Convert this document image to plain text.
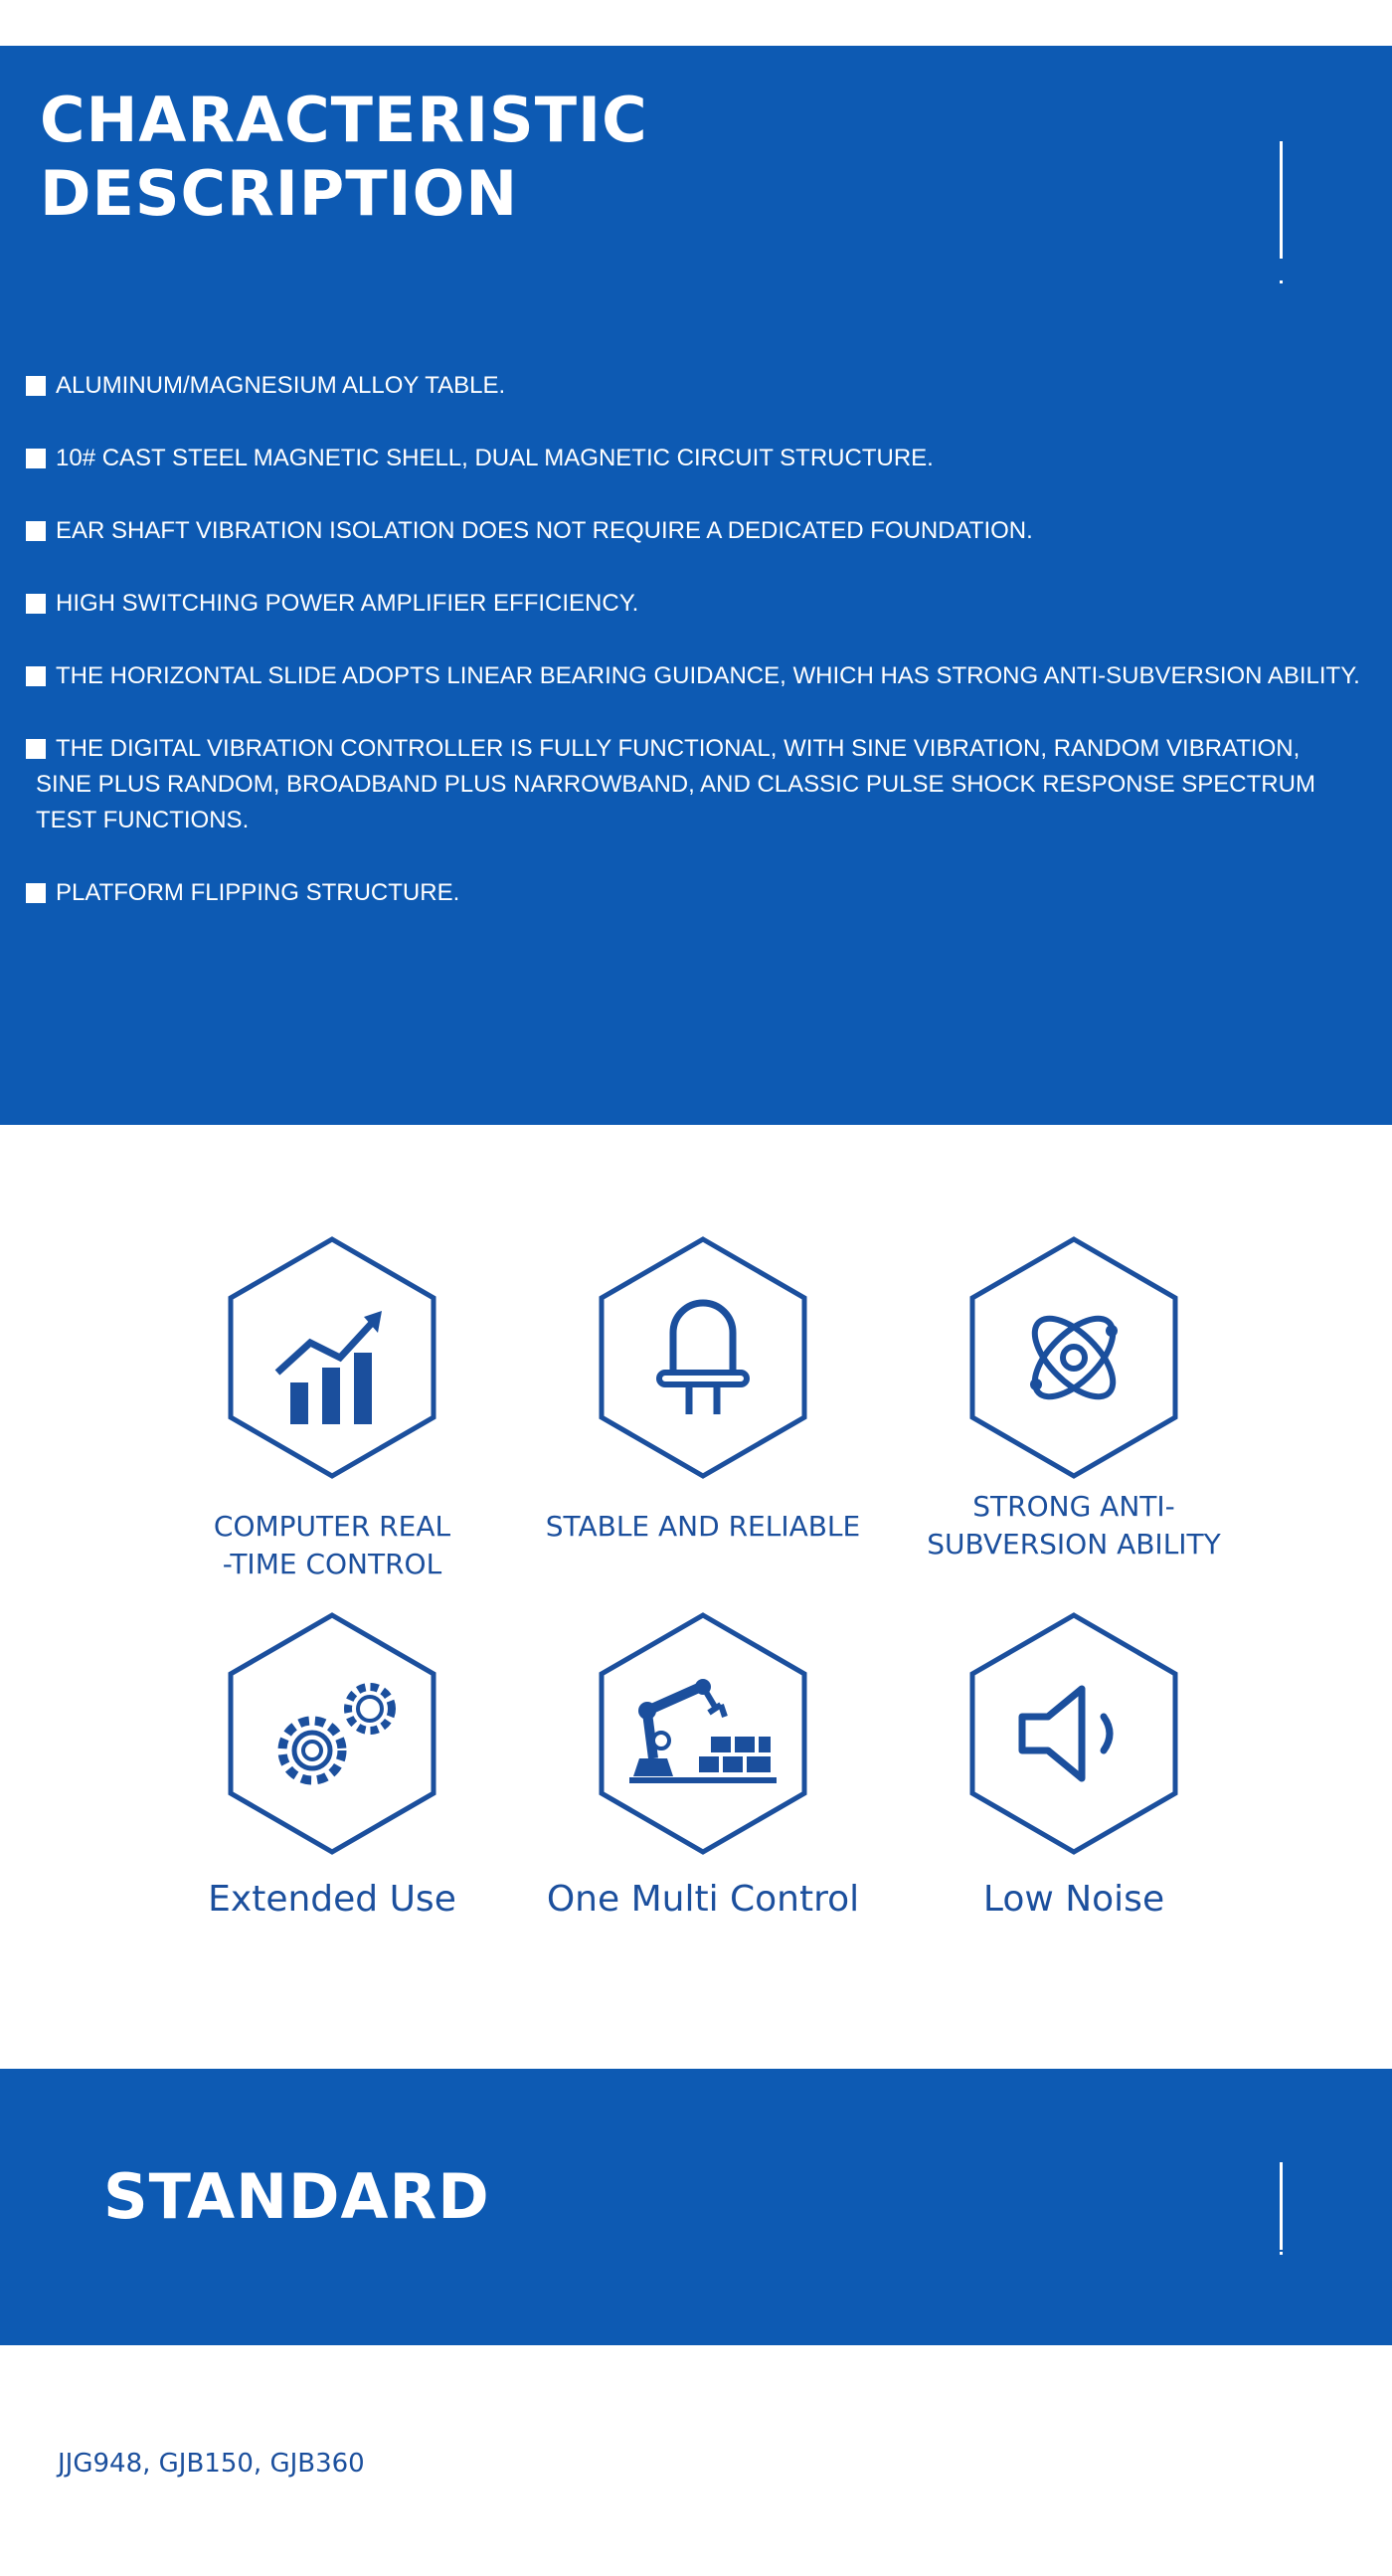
CHARACTERISTIC
DESCRIPTION
ALUMINUM/MAGNESIUM ALLOY TABLE.
10# CAST STEEL MAGNETIC SHELL, DUAL MAGNETIC CIRCUIT STRUCTURE.
EAR SHAFT VIBRATION ISOLATION DOES NOT REQUIRE A DEDICATED FOUNDATION.
HIGH SWITCHING POWER AMPLIFIER EFFICIENCY.
THE HORIZONTAL SLIDE ADOPTS LINEAR BEARING GUIDANCE, WHICH HAS STRONG ANTI-SUBVERSION ABILITY.
THE DIGITAL VIBRATION CONTROLLER IS FULLY FUNCTIONAL, WITH SINE VIBRATION, RANDOM VIBRATION,
SINE PLUS RANDOM, BROADBAND PLUS NARROWBAND, AND CLASSIC PULSE SHOCK RESPONSE SPECTRUM
TEST FUNCTIONS.
PLATFORM FLIPPING STRUCTURE.
COMPUTER REAL
-TIME CONTROL
STABLE AND RELIABLE
STRONG ANTI-
SUBVERSION ABILITY
Extended Use	One Multi Control	Low Noise
STANDARD
JJG948, GJB150, GJB360
